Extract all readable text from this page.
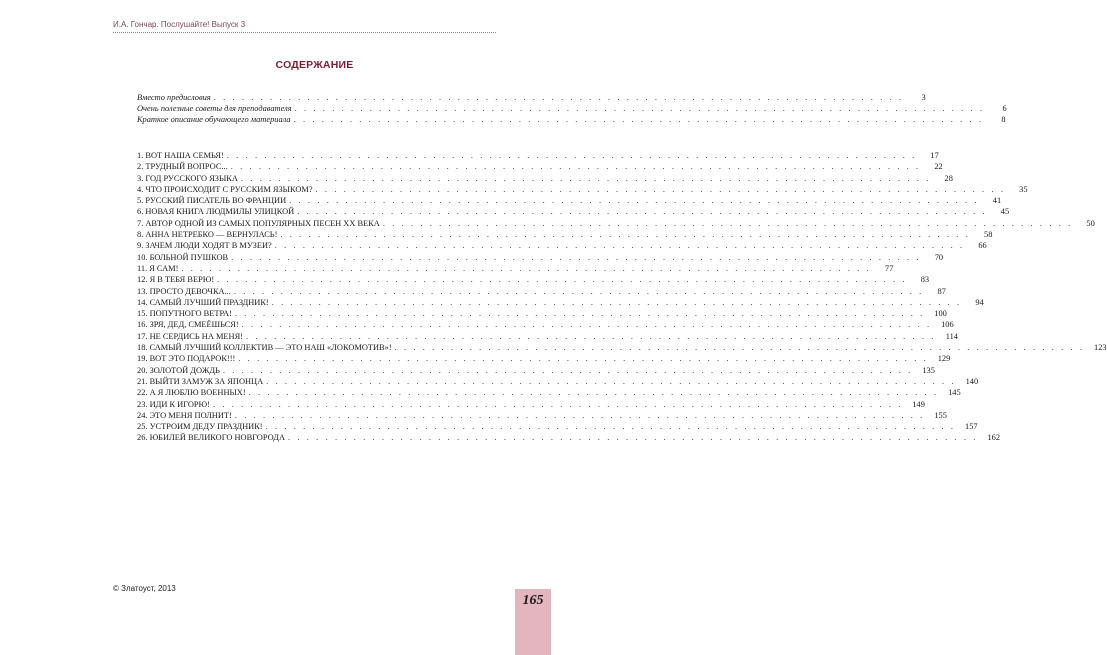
И.А. Гончар. Послушайте! Выпуск 3
СОДЕРЖАНИЕ
Вместо предисловия . . . . . . . . . . . . . . . . . . . . . . . . . . . . . . . . . . . . . . . . . . . . . . . . . . . . . . . . . . . . . . . . . . . . . . . . . .	3
Очень полезные советы для преподавателя . . . . . . . . . . . . . . . . . . . . . . . . . . . . . . . . . . . . . . . . . . . . . . . . . . . . . . . . . . . . . . . . . . . . . . . . . .	6
Краткое описание обучающего материала . . . . . . . . . . . . . . . . . . . . . . . . . . . . . . . . . . . . . . . . . . . . . . . . . . . . . . . . . . . . . . . . . . . . . . . . . .	8
1. ВОТ НАША СЕМЬЯ! . . . . . . . . . . . . . . . . . . . . . . . . . . . . . . . . . . . . . . . . . . . . . . . . . . . . . . . . . . . . . . . . . . . . . . . . . .	17
2. ТРУДНЫЙ ВОПРОС... . . . . . . . . . . . . . . . . . . . . . . . . . . . . . . . . . . . . . . . . . . . . . . . . . . . . . . . . . . . . . . . . . . . . . . . . . .	22
3. ГОД РУССКОГО ЯЗЫКА . . . . . . . . . . . . . . . . . . . . . . . . . . . . . . . . . . . . . . . . . . . . . . . . . . . . . . . . . . . . . . . . . . . . . . . . . .	28
4. ЧТО ПРОИСХОДИТ С РУССКИМ ЯЗЫКОМ? . . . . . . . . . . . . . . . . . . . . . . . . . . . . . . . . . . . . . . . . . . . . . . . . . . . . . . . . . . . . . . . . . . . . . . . . . .	35
5. РУССКИЙ ПИСАТЕЛЬ ВО ФРАНЦИИ . . . . . . . . . . . . . . . . . . . . . . . . . . . . . . . . . . . . . . . . . . . . . . . . . . . . . . . . . . . . . . . . . . . . . . . . . .	41
6. НОВАЯ КНИГА ЛЮДМИЛЫ УЛИЦКОЙ . . . . . . . . . . . . . . . . . . . . . . . . . . . . . . . . . . . . . . . . . . . . . . . . . . . . . . . . . . . . . . . . . . . . . . . . . .	45
7. АВТОР ОДНОЙ ИЗ САМЫХ ПОПУЛЯРНЫХ ПЕСЕН XX ВЕКА . . . . . . . . . . . . . . . . . . . . . . . . . . . . . . . . . . . . . . . . . . . . . . . . . . . . . . . . . . . . . . . . . . . . . . . . . .	50
8. АННА НЕТРЕБКО — ВЕРНУЛАСЬ! . . . . . . . . . . . . . . . . . . . . . . . . . . . . . . . . . . . . . . . . . . . . . . . . . . . . . . . . . . . . . . . . . . . . . . . . . .	58
9. ЗАЧЕМ ЛЮДИ ХОДЯТ В МУЗЕИ? . . . . . . . . . . . . . . . . . . . . . . . . . . . . . . . . . . . . . . . . . . . . . . . . . . . . . . . . . . . . . . . . . . . . . . . . . .	66
10. БОЛЬНОЙ ПУШКОВ . . . . . . . . . . . . . . . . . . . . . . . . . . . . . . . . . . . . . . . . . . . . . . . . . . . . . . . . . . . . . . . . . . . . . . . . . .	70
11. Я САМ! . . . . . . . . . . . . . . . . . . . . . . . . . . . . . . . . . . . . . . . . . . . . . . . . . . . . . . . . . . . . . . . . . . . . . . . . . .	77
12. Я В ТЕБЯ ВЕРЮ! . . . . . . . . . . . . . . . . . . . . . . . . . . . . . . . . . . . . . . . . . . . . . . . . . . . . . . . . . . . . . . . . . . . . . . . . . .	83
13. ПРОСТО ДЕВОЧКА... . . . . . . . . . . . . . . . . . . . . . . . . . . . . . . . . . . . . . . . . . . . . . . . . . . . . . . . . . . . . . . . . . . . . . . . . . .	87
14. САМЫЙ ЛУЧШИЙ ПРАЗДНИК! . . . . . . . . . . . . . . . . . . . . . . . . . . . . . . . . . . . . . . . . . . . . . . . . . . . . . . . . . . . . . . . . . . . . . . . . . .	94
15. ПОПУТНОГО ВЕТРА! . . . . . . . . . . . . . . . . . . . . . . . . . . . . . . . . . . . . . . . . . . . . . . . . . . . . . . . . . . . . . . . . . . . . . . . . . .	100
16. ЗРЯ, ДЕД, СМЕЁШЬСЯ! . . . . . . . . . . . . . . . . . . . . . . . . . . . . . . . . . . . . . . . . . . . . . . . . . . . . . . . . . . . . . . . . . . . . . . . . . .	106
17. НЕ СЕРДИСЬ НА МЕНЯ! . . . . . . . . . . . . . . . . . . . . . . . . . . . . . . . . . . . . . . . . . . . . . . . . . . . . . . . . . . . . . . . . . . . . . . . . . .	114
18. САМЫЙ ЛУЧШИЙ КОЛЛЕКТИВ — ЭТО НАШ «ЛОКОМОТИВ»! . . . . . . . . . . . . . . . . . . . . . . . . . . . . . . . . . . . . . . . . . . . . . . . . . . . . . . . . . . . . . . . . . . . . . . . . . .	123
19. ВОТ ЭТО ПОДАРОК!!! . . . . . . . . . . . . . . . . . . . . . . . . . . . . . . . . . . . . . . . . . . . . . . . . . . . . . . . . . . . . . . . . . . . . . . . . . .	129
20. ЗОЛОТОЙ ДОЖДЬ . . . . . . . . . . . . . . . . . . . . . . . . . . . . . . . . . . . . . . . . . . . . . . . . . . . . . . . . . . . . . . . . . . . . . . . . . .	135
21. ВЫЙТИ ЗАМУЖ ЗА ЯПОНЦА . . . . . . . . . . . . . . . . . . . . . . . . . . . . . . . . . . . . . . . . . . . . . . . . . . . . . . . . . . . . . . . . . . . . . . . . . .	140
22. А Я ЛЮБЛЮ ВОЕННЫХ! . . . . . . . . . . . . . . . . . . . . . . . . . . . . . . . . . . . . . . . . . . . . . . . . . . . . . . . . . . . . . . . . . . . . . . . . . .	145
23. ИДИ К ИГОРЮ! . . . . . . . . . . . . . . . . . . . . . . . . . . . . . . . . . . . . . . . . . . . . . . . . . . . . . . . . . . . . . . . . . . . . . . . . . .	149
24. ЭТО МЕНЯ ПОЛНИТ! . . . . . . . . . . . . . . . . . . . . . . . . . . . . . . . . . . . . . . . . . . . . . . . . . . . . . . . . . . . . . . . . . . . . . . . . . .	155
25. УСТРОИМ ДЕДУ ПРАЗДНИК! . . . . . . . . . . . . . . . . . . . . . . . . . . . . . . . . . . . . . . . . . . . . . . . . . . . . . . . . . . . . . . . . . . . . . . . . . .	157
26. ЮБИЛЕЙ ВЕЛИКОГО НОВГОРОДА . . . . . . . . . . . . . . . . . . . . . . . . . . . . . . . . . . . . . . . . . . . . . . . . . . . . . . . . . . . . . . . . . . . . . . . . . .	162
© Златоуст, 2013
165
